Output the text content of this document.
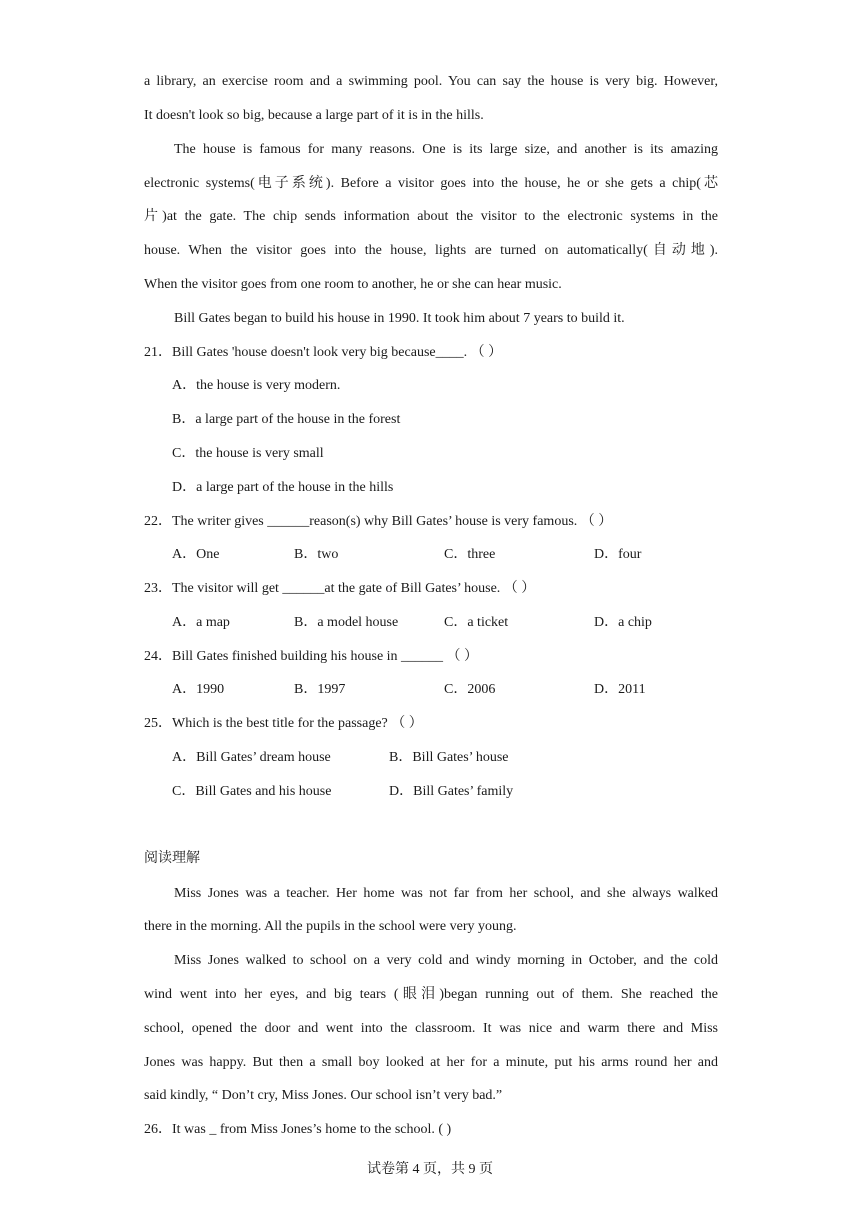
a library, an exercise room and a swimming pool. You can say the house is very big. However,
It doesn't look so big, because a large part of it is in the hills.
The house is famous for many reasons. One is its large size, and another is its amazing
electronic systems(电子系统). Before a visitor goes into the house, he or she gets a chip(芯
片)at the gate. The chip sends information about the visitor to the electronic systems in the
house. When the visitor goes into the house, lights are turned on automatically(自动地).
When the visitor goes from one room to another, he or she can hear music.
Bill Gates began to build his house in 1990. It took him about 7 years to build it.
21．Bill Gates 'house doesn't look very big because____. （ ）
A．the house is very modern.
B．a large part of the house in the forest
C．the house is very small
D．a large part of the house in the hills
22．The writer gives ______reason(s) why Bill Gates’ house is very famous. （ ）
A．One	B．two	C．three	D．four
23．The visitor will get ______at the gate of Bill Gates’ house. （ ）
A．a map	B．a model house	C．a ticket	D．a chip
24．Bill Gates finished building his house in ______ （ ）
A．1990	B．1997	C．2006	D．2011
25．Which is the best title for the passage? （ ）
A．Bill Gates’ dream house	B．Bill Gates’ house
C．Bill Gates and his house	D．Bill Gates’ family
阅读理解
Miss Jones was a teacher. Her home was not far from her school, and she always walked
there in the morning. All the pupils in the school were very young.
Miss Jones walked to school on a very cold and windy morning in October, and the cold
wind went into her eyes, and big tears (眼泪)began running out of them. She reached the
school, opened the door and went into the classroom. It was nice and warm there and Miss
Jones was happy. But then a small boy looked at her for a minute, put his arms round her and
said kindly, “ Don’t cry, Miss Jones. Our school isn’t very bad.”
26．It was _ from Miss Jones’s home to the school. ( )
试卷第 4 页，共 9 页
